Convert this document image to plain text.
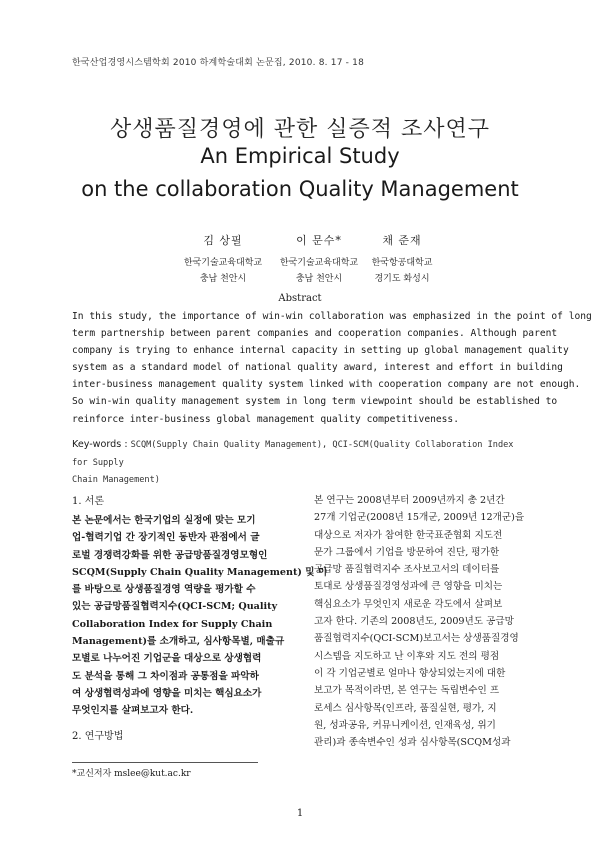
한국산업경영시스템학회 2010 하계학술대회 논문집, 2010. 8. 17 - 18
상생품질경영에 관한 실증적 조사연구
An Empirical Study
on the collaboration Quality Management
김 상필
한국기술교육대학교
충남 천안시
이 문수*
한국기술교육대학교
충남 천안시
채 준재
한국항공대학교
경기도 화성시
Abstract
In this study, the importance of win-win collaboration was emphasized in the point of long
term partnership between parent companies and cooperation companies. Although parent
company is trying to enhance internal capacity in setting up global management quality
system as a standard model of national quality award, interest and effort in building
inter-business management quality system linked with cooperation company are not enough.
So win-win quality management system in long term viewpoint should be established to
reinforce inter-business global management quality competitiveness.
Key-words : SCQM(Supply Chain Quality Management), QCI-SCM(Quality Collaboration Index for Supply
Chain Management)
1. 서론
본 논문에서는 한국기업의 실정에 맞는 모기
업-협력기업 간 장기적인 동반자 관점에서 글
로벌 경쟁력강화를 위한 공급망품질경영모형인
SCQM(Supply Chain Quality Management) 및 이
를 바탕으로 상생품질경영 역량을 평가할 수
있는 공급망품질협력지수(QCI-SCM; Quality
Collaboration Index for Supply Chain
Management)를 소개하고, 심사항목별, 매출규
모별로 나누어진 기업군을 대상으로 상생협력
도 분석을 통해 그 차이점과 공통점을 파악하
여 상생협력성과에 영향을 미치는 핵심요소가
무엇인지를 살펴보고자 한다.
2. 연구방법
본 연구는 2008년부터 2009년까지 총 2년간
27개 기업군(2008년 15개군, 2009년 12개군)을
대상으로 저자가 참여한 한국표준협회 지도전
문가 그룹에서 기업을 방문하여 진단, 평가한
공급망 품질협력지수 조사보고서의 데이터를
토대로 상생품질경영성과에 큰 영향을 미치는
핵심요소가 무엇인지 새로운 각도에서 살펴보
고자 한다. 기존의 2008년도, 2009년도 공급망
품질협력지수(QCI-SCM)보고서는 상생품질경영
시스템을 지도하고 난 이후와 지도 전의 평점
이 각 기업군별로 얼마나 향상되었는지에 대한
보고가 목적이라면, 본 연구는 독립변수인 프
로세스 심사항목(인프라, 품질실현, 평가, 지
원, 성과공유, 커뮤니케이션, 인재육성, 위기
관리)과 종속변수인 성과 심사항목(SCQM성과
*교신저자 mslee@kut.ac.kr
1
